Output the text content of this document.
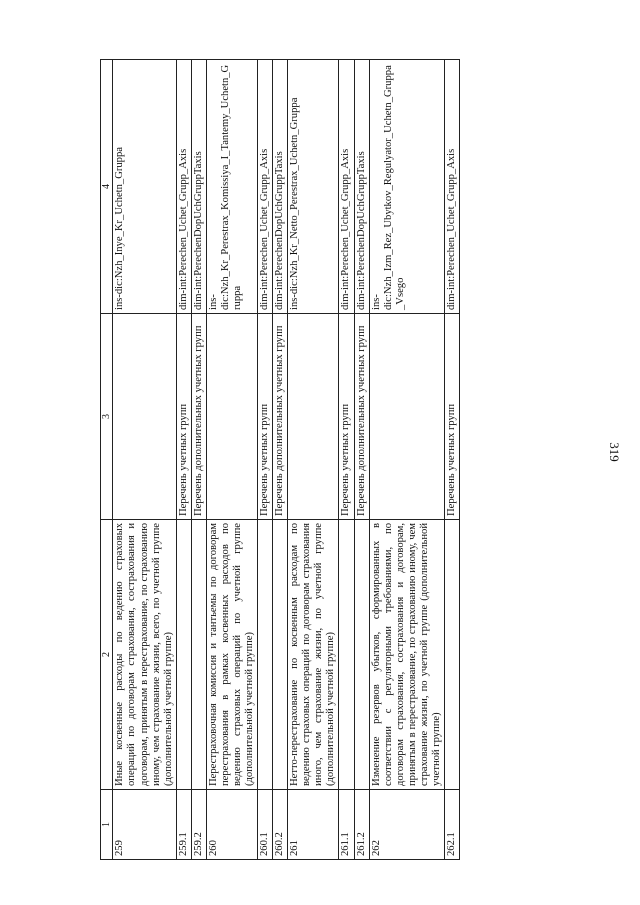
319
1	2	3	4
259	Иные косвенные расходы по ведению страховых операций по договорам страхования, сострахования и договорам, принятым в перестрахование, по страхованию иному, чем страхование жизни, всего, по учетной группе (дополнительной учетной группе)		ins-dic:Nzh_Inye_Kr_Uchetn_Gruppa
259.1		Перечень учетных групп	dim-int:Perechen_Uchet_Grupp_Axis
259.2		Перечень дополнительных учетных групп	dim-int:PerechenDopUchGruppTaxis
260	Перестраховочная комиссия и тантьемы по договорам перестрахования в рамках косвенных расходов по ведению страховых операций по учетной группе (дополнительной учетной группе)		ins-dic:Nzh_Kr_Perestrax_Komissiya_I_Tantemy_Uchetn_Gruppa
260.1		Перечень учетных групп	dim-int:Perechen_Uchet_Grupp_Axis
260.2		Перечень дополнительных учетных групп	dim-int:PerechenDopUchGruppTaxis
261	Нетто-перестрахование по косвенным расходам по ведению страховых операций по договорам страхования иного, чем страхование жизни, по учетной группе (дополнительной учетной группе)		ins-dic:Nzh_Kr_Netto_Perestrax_Uchetn_Gruppa
261.1		Перечень учетных групп	dim-int:Perechen_Uchet_Grupp_Axis
261.2		Перечень дополнительных учетных групп	dim-int:PerechenDopUchGruppTaxis
262	Изменение резервов убытков, сформированных в соответствии с регуляторными требованиями, по договорам страхования, сострахования и договорам, принятым в перестрахование, по страхованию иному, чем страхование жизни, по учетной группе (дополнительной учетной группе)		ins-dic:Nzh_Izm_Rez_Ubytkov_Regulyator_Uchetn_Gruppa_Vsego
262.1		Перечень учетных групп	dim-int:Perechen_Uchet_Grupp_Axis
